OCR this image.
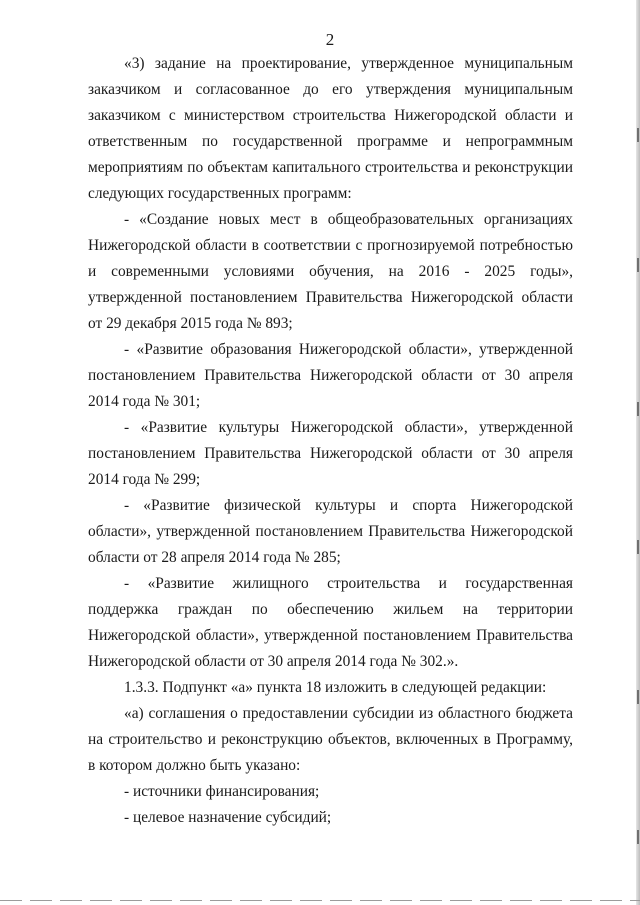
2

«3) задание на проектирование, утвержденное муниципальным заказчиком и согласованное до его утверждения муниципальным заказчиком с министерством строительства Нижегородской области и ответственным по государственной программе и непрограммным мероприятиям по объектам капитального строительства и реконструкции следующих государственных программ:

- «Создание новых мест в общеобразовательных организациях Нижегородской области в соответствии с прогнозируемой потребностью и современными условиями обучения, на 2016 - 2025 годы», утвержденной постановлением Правительства Нижегородской области от 29 декабря 2015 года № 893;

- «Развитие образования Нижегородской области», утвержденной постановлением Правительства Нижегородской области от 30 апреля 2014 года № 301;

- «Развитие культуры Нижегородской области», утвержденной постановлением Правительства Нижегородской области от 30 апреля 2014 года № 299;

- «Развитие физической культуры и спорта Нижегородской области», утвержденной постановлением Правительства Нижегородской области от 28 апреля 2014 года № 285;

- «Развитие жилищного строительства и государственная поддержка граждан по обеспечению жильем на территории Нижегородской области», утвержденной постановлением Правительства Нижегородской области от 30 апреля 2014 года № 302.».

1.3.3. Подпункт «а» пункта 18 изложить в следующей редакции:

«а) соглашения о предоставлении субсидии из областного бюджета на строительство и реконструкцию объектов, включенных в Программу, в котором должно быть указано:

- источники финансирования;

- целевое назначение субсидий;
